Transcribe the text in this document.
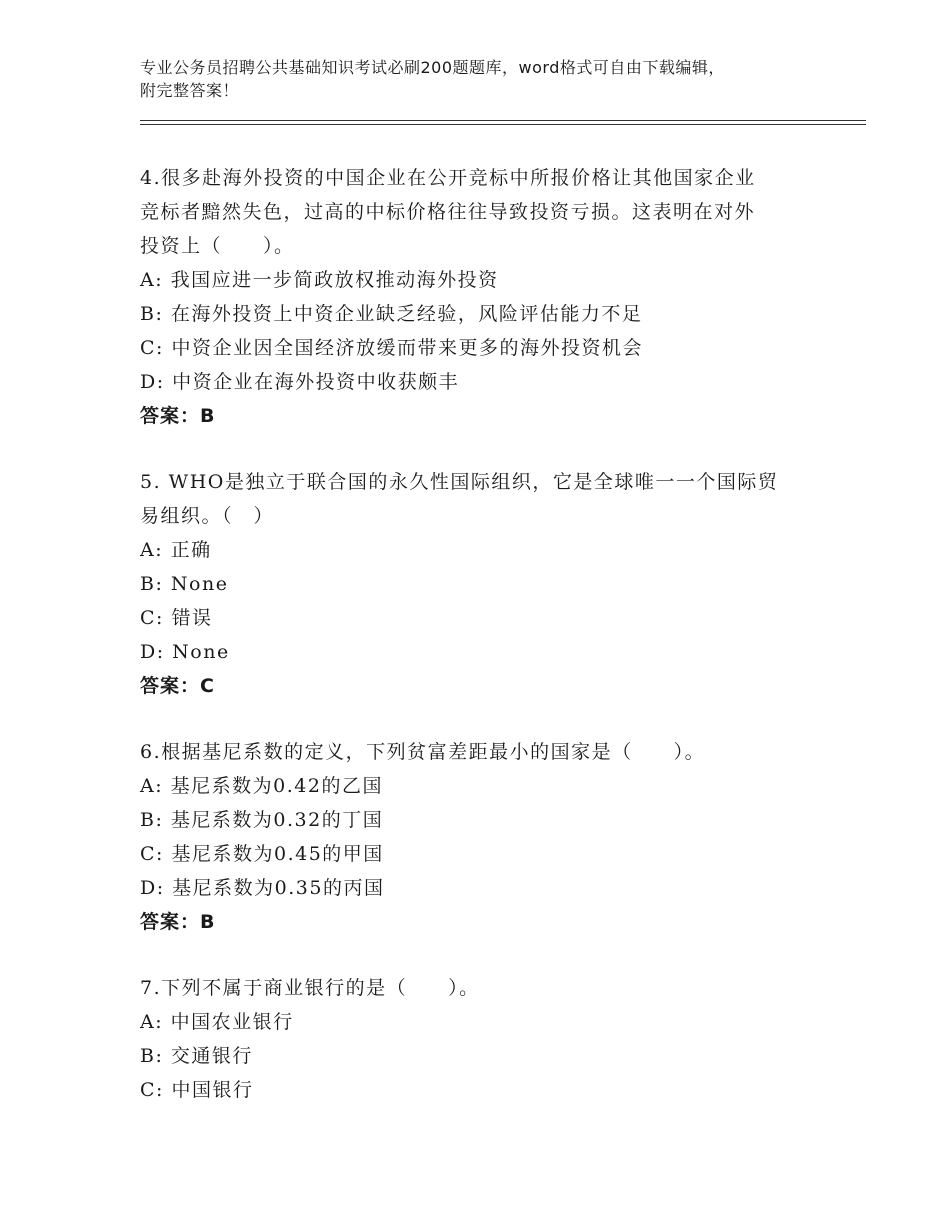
专业公务员招聘公共基础知识考试必刷200题题库，word格式可自由下载编辑，
附完整答案！
4.很多赴海外投资的中国企业在公开竞标中所报价格让其他国家企业
竞标者黯然失色，过高的中标价格往往导致投资亏损。这表明在对外
投资上（　　）。
A: 我国应进一步简政放权推动海外投资
B: 在海外投资上中资企业缺乏经验，风险评估能力不足
C: 中资企业因全国经济放缓而带来更多的海外投资机会
D: 中资企业在海外投资中收获颇丰
答案：B
5. WHO是独立于联合国的永久性国际组织，它是全球唯一一个国际贸
易组织。（　）
A: 正确
B: None
C: 错误
D: None
答案：C
6.根据基尼系数的定义，下列贫富差距最小的国家是（　　）。
A: 基尼系数为0.42的乙国
B: 基尼系数为0.32的丁国
C: 基尼系数为0.45的甲国
D: 基尼系数为0.35的丙国
答案：B
7.下列不属于商业银行的是（　　）。
A: 中国农业银行
B: 交通银行
C: 中国银行
